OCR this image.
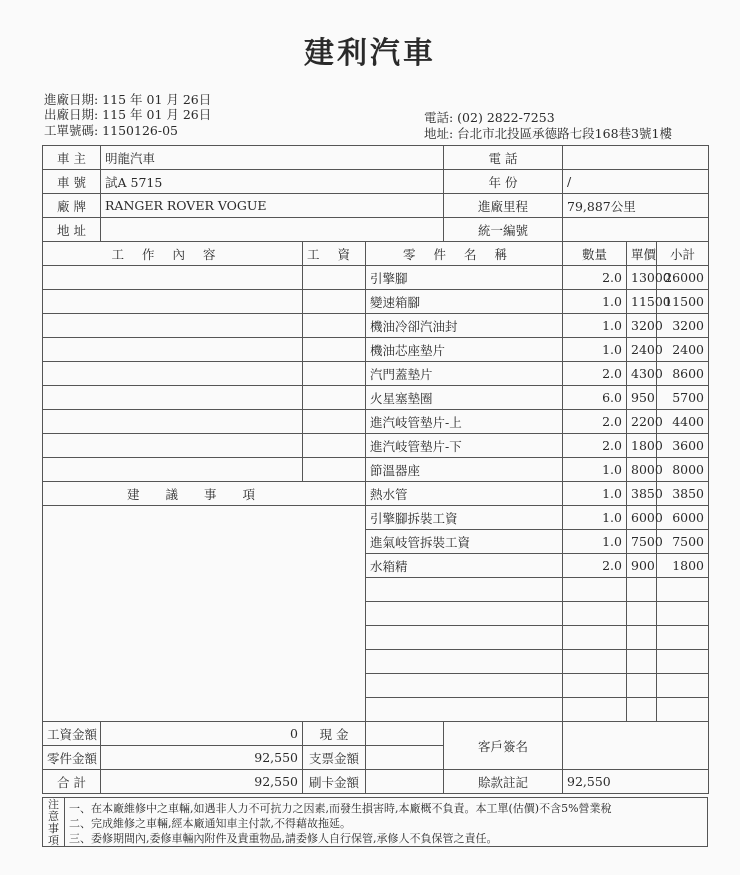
建利汽車
進廠日期: 115 年 01 月 26日
出廠日期: 115 年 01 月 26日
工單號碼: 1150126-05
電話: (02) 2822-7253
地址: 台北市北投區承德路七段168巷3號1樓
車 主	明龍汽車			電 話			
車 號	試A 5715			年 份	/		
廠 牌	RANGER ROVER VOGUE			進廠里程	79,887公里		
地 址				統一編號			
工作內容		工資	零件名稱		數量	單價	小計
			引擎腳		2.0	13000	26000
			變速箱腳		1.0	11500	11500
			機油冷卻汽油封		1.0	3200	3200
			機油芯座墊片		1.0	2400	2400
			汽門蓋墊片		2.0	4300	8600
			火星塞墊圈		6.0	950	5700
			進汽岐管墊片-上		2.0	2200	4400
			進汽岐管墊片-下		2.0	1800	3600
			節溫器座		1.0	8000	8000
建議事項			熱水管		1.0	3850	3850
			引擎腳拆裝工資		1.0	6000	6000
			進氣岐管拆裝工資		1.0	7500	7500
			水箱精		2.0	900	1800

工資金額	0	現 金		客戶簽名			
零件金額	92,550	支票金額					
合 計	92,550	刷卡金額		賒款註記	92,550		
注意事項
一、在本廠維修中之車輛,如遇非人力不可抗力之因素,而發生損害時,本廠概不負責。本工單(估價)不含5%營業稅
二、完成維修之車輛,經本廠通知車主付款,不得藉故拖延。
三、委修期間內,委修車輛內附件及貴重物品,請委修人自行保管,承修人不負保管之責任。
